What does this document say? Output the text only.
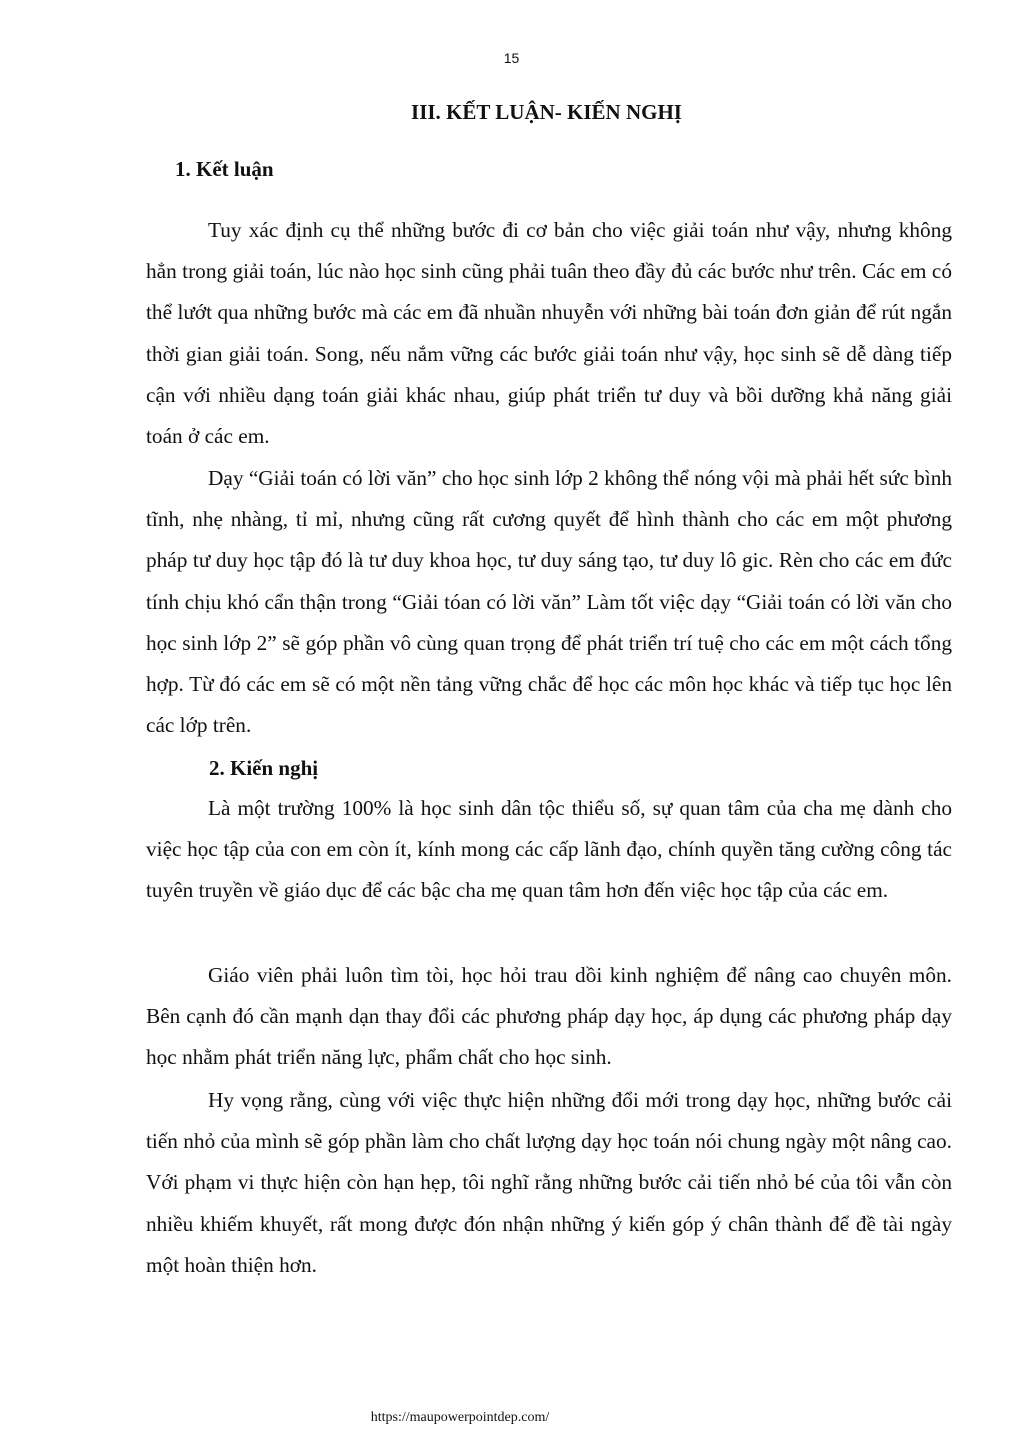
15
III. KẾT LUẬN- KIẾN NGHỊ
1. Kết luận

Tuy xác định cụ thể những bước đi cơ bản cho việc giải toán như vậy, nhưng không hẳn trong giải toán, lúc nào học sinh cũng phải tuân theo đầy đủ các bước như trên. Các em có thể lướt qua những bước mà các em đã nhuần nhuyễn với những bài toán đơn giản để rút ngắn thời gian giải toán. Song, nếu nắm vững các bước giải toán như vậy, học sinh sẽ dễ dàng tiếp cận với nhiều dạng toán giải khác nhau, giúp phát triển tư duy và bồi dưỡng khả năng giải toán ở các em.

Dạy “Giải toán có lời văn” cho học sinh lớp 2 không thể nóng vội mà phải hết sức bình tĩnh, nhẹ nhàng, tỉ mỉ, nhưng cũng rất cương quyết để hình thành cho các em một phương pháp tư duy học tập đó là tư duy khoa học, tư duy sáng tạo, tư duy lô gic. Rèn cho các em đức tính chịu khó cẩn thận trong “Giải tóan có lời văn” Làm tốt việc dạy “Giải toán có lời văn cho học sinh lớp 2” sẽ góp phần vô cùng quan trọng để phát triển trí tuệ cho các em một cách tổng hợp. Từ đó các em sẽ có một nền tảng vững chắc để học các môn học khác và tiếp tục học lên các lớp trên.

2. Kiến nghị

Là một trường 100% là học sinh dân tộc thiểu số, sự quan tâm của cha mẹ dành cho việc học tập của con em còn ít, kính mong các cấp lãnh đạo, chính quyền tăng cường công tác tuyên truyền về giáo dục để các bậc cha mẹ quan tâm hơn đến việc học tập của các em.

Giáo viên phải luôn tìm tòi, học hỏi trau dồi kinh nghiệm để nâng cao chuyên môn. Bên cạnh đó cần mạnh dạn thay đổi các phương pháp dạy học, áp dụng các phương pháp dạy học nhằm phát triển năng lực, phẩm chất cho học sinh.

Hy vọng rằng, cùng với việc thực hiện những đổi mới trong dạy học, những bước cải tiến nhỏ của mình sẽ góp phần làm cho chất lượng dạy học toán nói chung ngày một nâng cao. Với phạm vi thực hiện còn hạn hẹp, tôi nghĩ rằng những bước cải tiến nhỏ bé của tôi vẫn còn nhiều khiếm khuyết, rất mong được đón nhận những ý kiến góp ý chân thành để đề tài ngày một hoàn thiện hơn.

https://maupowerpointdep.com/
